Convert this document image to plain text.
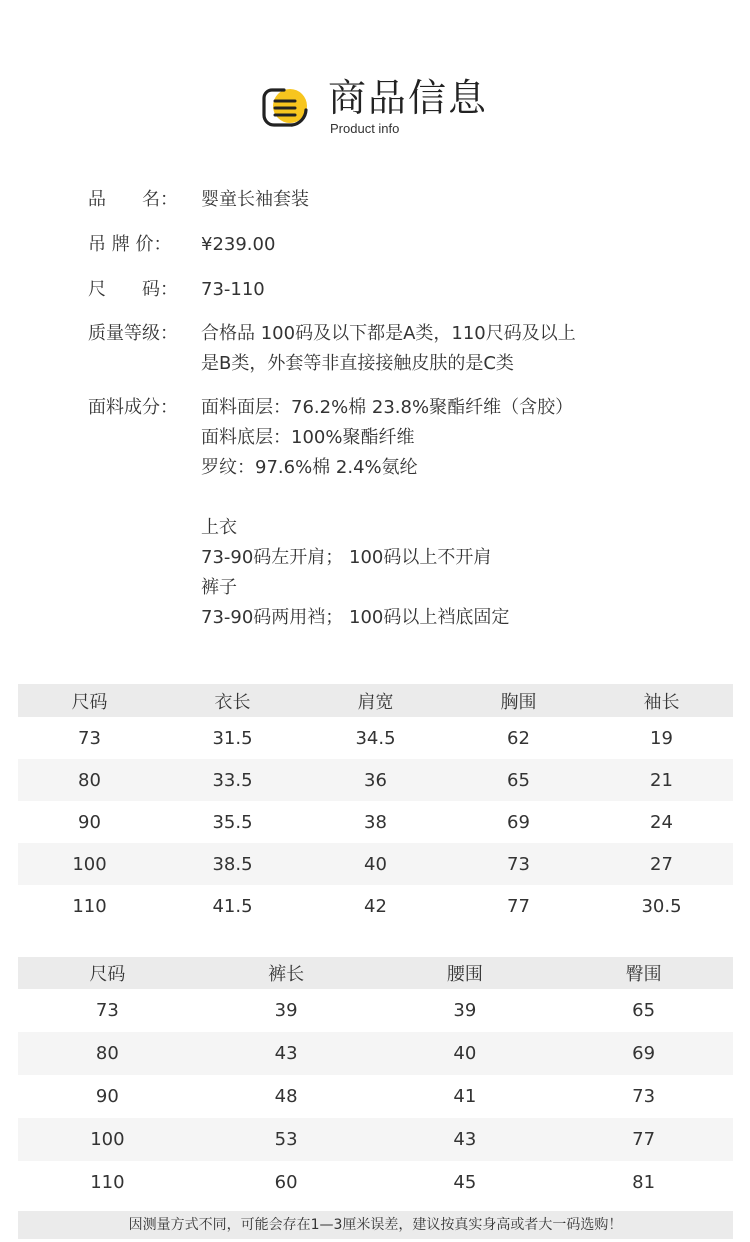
商品信息
Product info
品　　名：	婴童长袖套装
吊 牌 价：	¥239.00
尺　　码：	73-110
质量等级：	合格品 100码及以下都是A类，110尺码及以上
是B类，外套等非直接接触皮肤的是C类
面料成分：	面料面层：76.2%棉 23.8%聚酯纤维（含胶）
面料底层：100%聚酯纤维
罗纹：97.6%棉 2.4%氨纶
上衣
73-90码左开肩； 100码以上不开肩
裤子
73-90码两用裆； 100码以上裆底固定
尺码	衣长	肩宽	胸围	袖长
73	31.5	34.5	62	19
80	33.5	36	65	21
90	35.5	38	69	24
100	38.5	40	73	27
110	41.5	42	77	30.5
尺码	裤长	腰围	臀围
73	39	39	65
80	43	40	69
90	48	41	73
100	53	43	77
110	60	45	81
因测量方式不同，可能会存在1—3厘米误差，建议按真实身高或者大一码选购！
